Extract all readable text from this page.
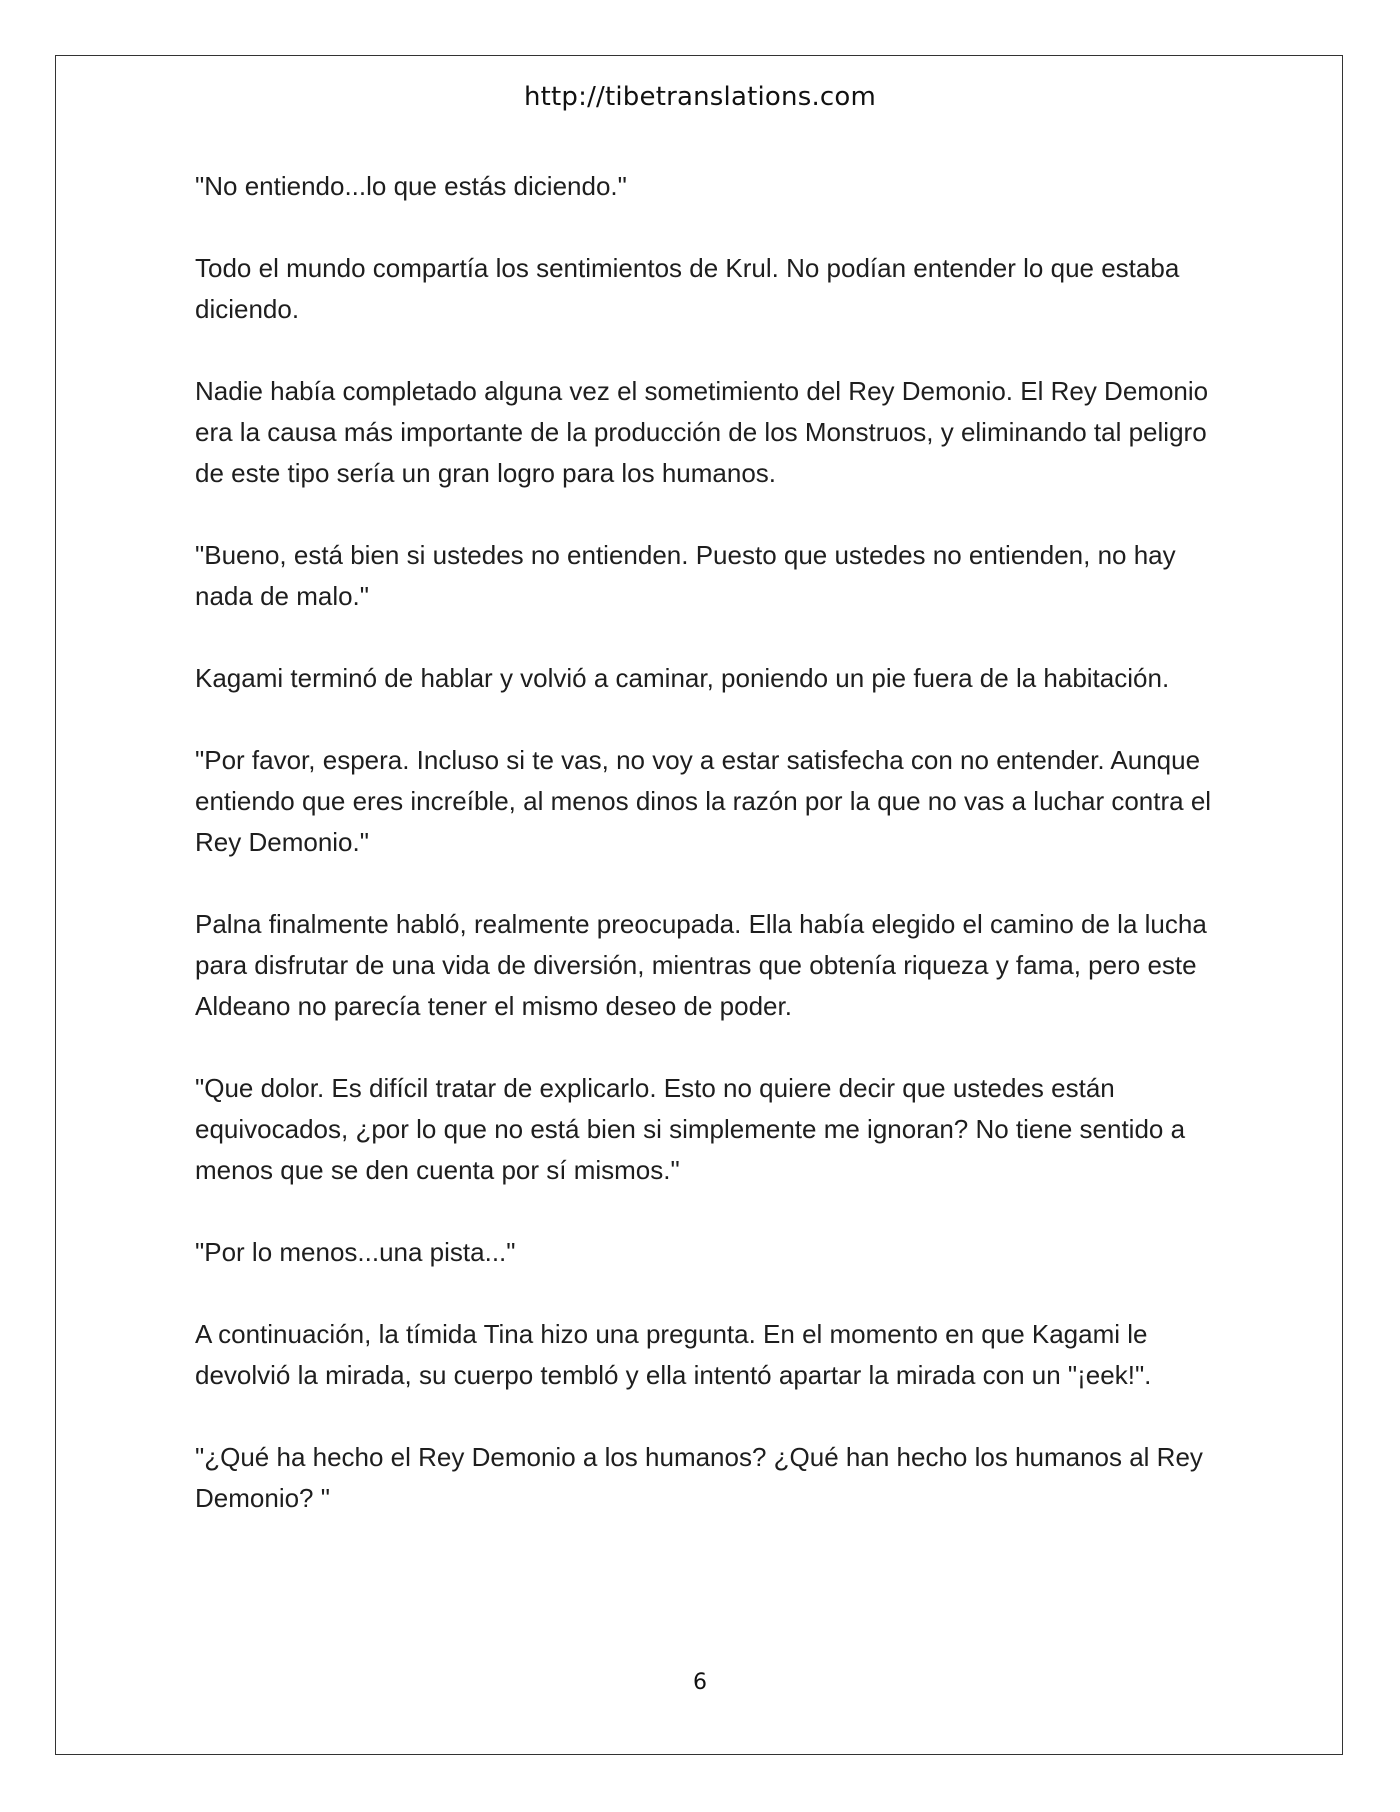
http://tibetranslations.com

"No entiendo...lo que estás diciendo."

Todo el mundo compartía los sentimientos de Krul. No podían entender lo que estaba diciendo.

Nadie había completado alguna vez el sometimiento del Rey Demonio. El Rey Demonio era la causa más importante de la producción de los Monstruos, y eliminando tal peligro de este tipo sería un gran logro para los humanos.

"Bueno, está bien si ustedes no entienden. Puesto que ustedes no entienden, no hay nada de malo."

Kagami terminó de hablar y volvió a caminar, poniendo un pie fuera de la habitación.

"Por favor, espera. Incluso si te vas, no voy a estar satisfecha con no entender. Aunque entiendo que eres increíble, al menos dinos la razón por la que no vas a luchar contra el Rey Demonio."

Palna finalmente habló, realmente preocupada. Ella había elegido el camino de la lucha para disfrutar de una vida de diversión, mientras que obtenía riqueza y fama, pero este Aldeano no parecía tener el mismo deseo de poder.

"Que dolor. Es difícil tratar de explicarlo. Esto no quiere decir que ustedes están equivocados, ¿por lo que no está bien si simplemente me ignoran? No tiene sentido a menos que se den cuenta por sí mismos."

"Por lo menos...una pista..."

A continuación, la tímida Tina hizo una pregunta. En el momento en que Kagami le devolvió la mirada, su cuerpo tembló y ella intentó apartar la mirada con un "¡eek!".

"¿Qué ha hecho el Rey Demonio a los humanos? ¿Qué han hecho los humanos al Rey Demonio? "

6
